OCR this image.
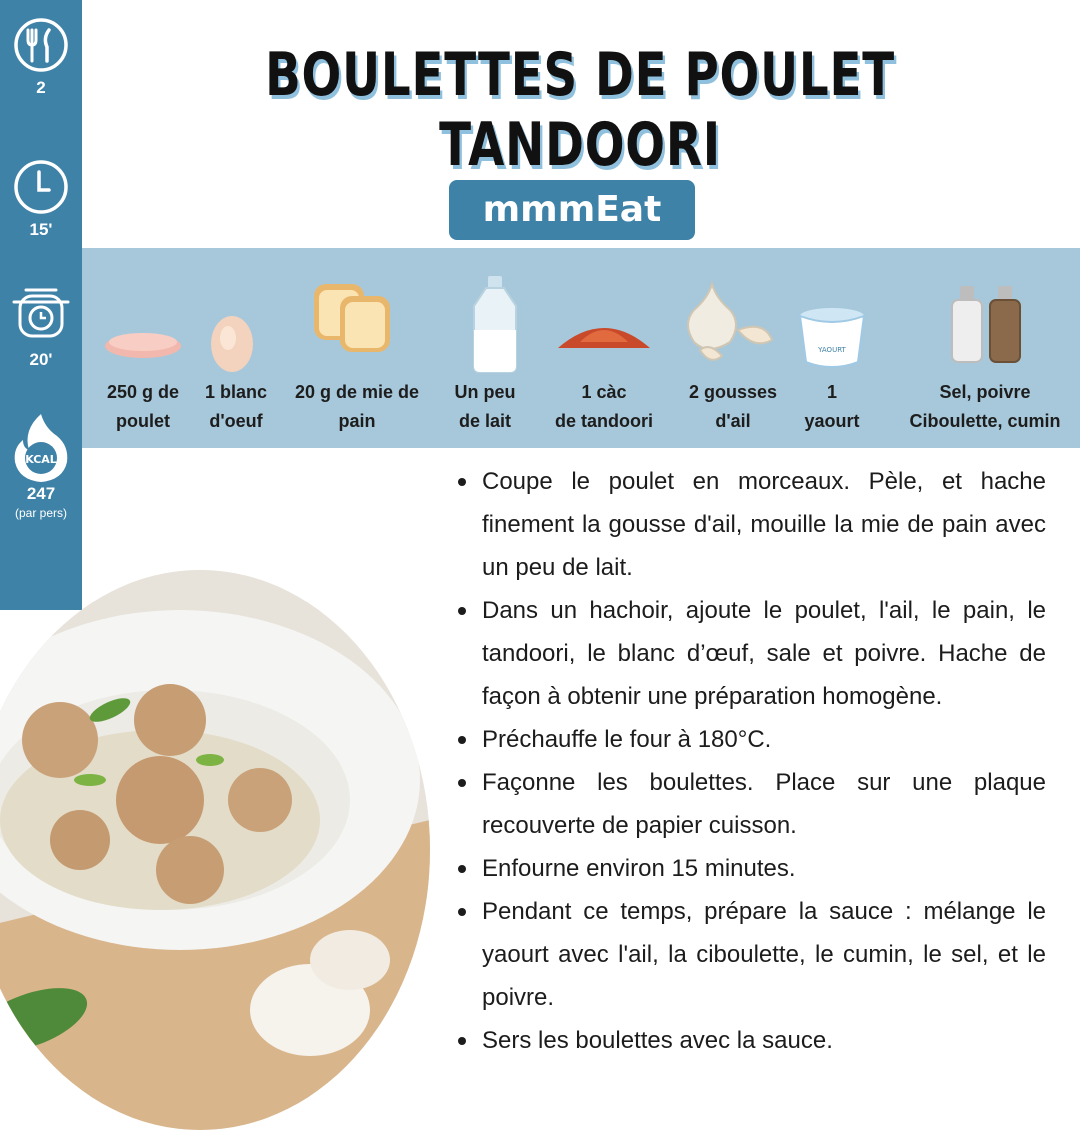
2
15'
20'
KCAL
247
(par pers)
BOULETTES DE POULET TANDOORI
mmmEat
250 g de
poulet
1 blanc
d'oeuf
20 g de mie de
pain
Un peu
de lait
1 càc
de tandoori
2 gousses
d'ail
YAOURT
1
yaourt
Sel, poivre
Ciboulette, cumin
Coupe le poulet en morceaux. Pèle, et hache finement la gousse d'ail, mouille la mie de pain avec un peu de lait.
Dans un hachoir, ajoute le poulet, l'ail, le pain, le tandoori, le blanc d’œuf, sale et poivre. Hache de façon à obtenir une préparation homogène.
Préchauffe le four à 180°C.
Façonne les boulettes. Place sur une plaque recouverte de papier cuisson.
Enfourne environ 15 minutes.
Pendant ce temps, prépare la sauce : mélange le yaourt avec l'ail, la ciboulette, le cumin, le sel, et le poivre.
Sers les boulettes avec la sauce.
